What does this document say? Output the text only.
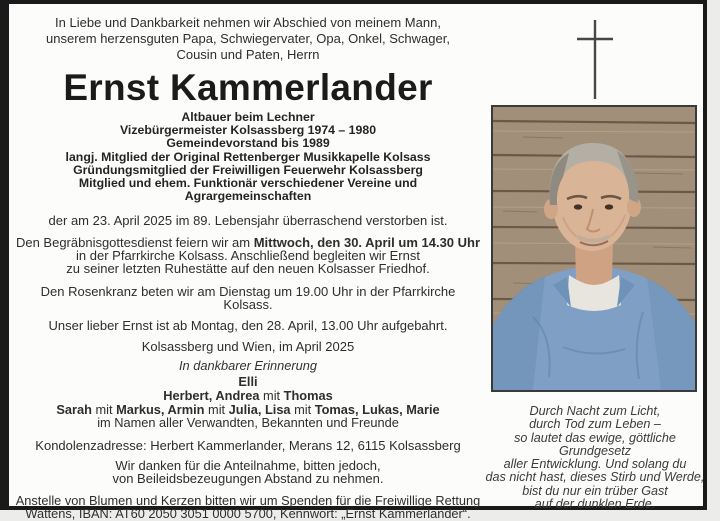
In Liebe und Dankbarkeit nehmen wir Abschied von meinem Mann,
unserem herzensguten Papa, Schwiegervater, Opa, Onkel, Schwager,
Cousin und Paten, Herrn
Ernst Kammerlander
Altbauer beim Lechner
Vizebürgermeister Kolsassberg 1974 – 1980
Gemeindevorstand bis 1989
langj. Mitglied der Original Rettenberger Musikkapelle Kolsass
Gründungsmitglied der Freiwilligen Feuerwehr Kolsassberg
Mitglied und ehem. Funktionär verschiedener Vereine und Agrargemeinschaften
der am 23. April 2025 im 89. Lebensjahr überraschend verstorben ist.
Den Begräbnisgottesdienst feiern wir am Mittwoch, den 30. April um 14.30 Uhr
in der Pfarrkirche Kolsass. Anschließend begleiten wir Ernst
zu seiner letzten Ruhestätte auf den neuen Kolsasser Friedhof.
Den Rosenkranz beten wir am Dienstag um 19.00 Uhr in der Pfarrkirche Kolsass.
Unser lieber Ernst ist ab Montag, den 28. April, 13.00 Uhr aufgebahrt.
Kolsassberg und Wien, im April 2025
In dankbarer Erinnerung
Elli
Herbert, Andrea mit Thomas
Sarah mit Markus, Armin mit Julia, Lisa mit Tomas, Lukas, Marie
im Namen aller Verwandten, Bekannten und Freunde
Kondolenzadresse: Herbert Kammerlander, Merans 12, 6115 Kolsassberg
Wir danken für die Anteilnahme, bitten jedoch,
von Beileidsbezeugungen Abstand zu nehmen.
Anstelle von Blumen und Kerzen bitten wir um Spenden für die Freiwillige Rettung
Wattens, IBAN: AT60 2050 3051 0000 5700, Kennwort: „Ernst Kammerlander“.
Durch Nacht zum Licht,
durch Tod zum Leben –
so lautet das ewige, göttliche Grundgesetz
aller Entwicklung. Und solang du
das nicht hast, dieses Stirb und Werde,
bist du nur ein trüber Gast
auf der dunklen Erde.
